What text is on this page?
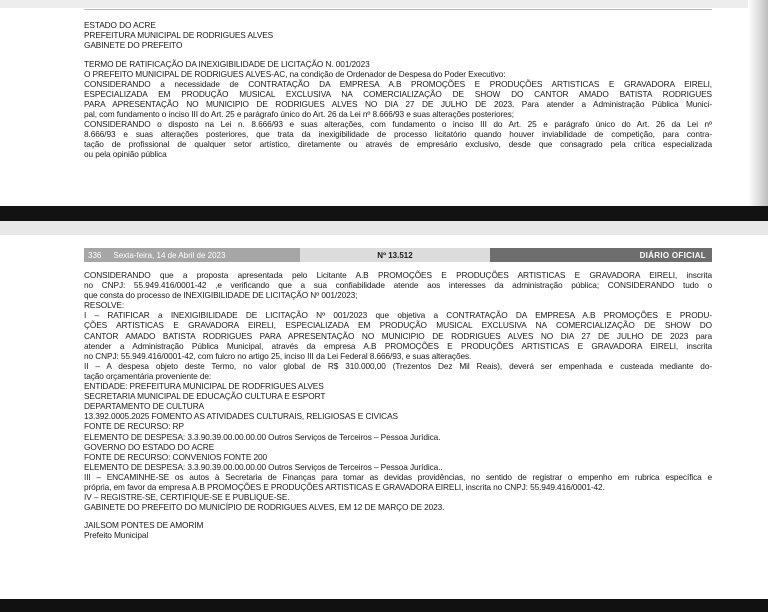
ESTADO DO ACRE
PREFEITURA MUNICIPAL DE RODRIGUES ALVES
GABINETE DO PREFEITO
TERMO DE RATIFICAÇÃO DA INEXIGIBILIDADE DE LICITAÇÃO N. 001/2023
O PREFEITO MUNICIPAL DE RODRIGUES ALVES-AC, na condição de Ordenador de Despesa do Poder Executivo:
CONSIDERANDO a necessidade de CONTRATAÇÃO DA EMPRESA A.B PROMOÇÕES E PRODUÇÕES ARTISTICAS E GRAVADORA EIRELI,
ESPECIALIZADA EM PRODUÇÃO MUSICAL EXCLUSIVA NA COMERCIALIZAÇÃO DE SHOW DO CANTOR AMADO BATISTA RODRIGUES
PARA APRESENTAÇÃO NO MUNICIPIO DE RODRIGUES ALVES NO DIA 27 DE JULHO DE 2023. Para atender a Administração Pública Munici-
pal, com fundamento o inciso III do Art. 25 e parágrafo único do Art. 26 da Lei nº 8.666/93 e suas alterações posteriores;
CONSIDERANDO o disposto na Lei n. 8.666/93 e suas alterações, com fundamento o inciso III do Art. 25 e parágrafo único do Art. 26 da Lei nº
8.666/93 e suas alterações posteriores, que trata da inexigibilidade de processo licitatório quando houver inviabilidade de competição, para contra-
tação de profissional de qualquer setor artístico, diretamente ou através de empresário exclusivo, desde que consagrado pela crítica especializada
ou pela opinião pública
336 Sexta-feira, 14 de Abril de 2023	Nº 13.512	DIÁRIO OFICIAL
CONSIDERANDO que a proposta apresentada pelo Licitante A.B PROMOÇÕES E PRODUÇÕES ARTISTICAS E GRAVADORA EIRELI, inscrita
no CNPJ: 55.949.416/0001-42 ,e verificando que a sua confiabilidade atende aos interesses da administração pública; CONSIDERANDO tudo o
que consta do processo de INEXIGIBILIDADE DE LICITAÇÃO Nº 001/2023;
RESOLVE:
I – RATIFICAR a INEXIGIBILIDADE DE LICITAÇÃO Nº 001/2023 que objetiva a CONTRATAÇÃO DA EMPRESA A.B PROMOÇÕES E PRODU-
ÇÕES ARTISTICAS E GRAVADORA EIRELI, ESPECIALIZADA EM PRODUÇÃO MUSICAL EXCLUSIVA NA COMERCIALIZAÇÃO DE SHOW DO
CANTOR AMADO BATISTA RODRIGUES PARA APRESENTAÇÃO NO MUNICIPIO DE RODRIGUES ALVES NO DIA 27 DE JULHO DE 2023 para
atender a Administração Pública Municipal, através da empresa A.B PROMOÇÕES E PRODUÇÕES ARTISTICAS E GRAVADORA EIRELI, inscrita
no CNPJ: 55.949.416/0001-42, com fulcro no artigo 25, inciso III da Lei Federal 8.666/93, e suas alterações.
II – A despesa objeto deste Termo, no valor global de R$ 310.000,00 (Trezentos Dez Mil Reais), deverá ser empenhada e custeada mediante do-
tação orçamentária proveniente de:
ENTIDADE: PREFEITURA MUNICIPAL DE RODFRIGUES ALVES
SECRETARIA MUNICIPAL DE EDUCAÇÃO CULTURA E ESPORT
DEPARTAMENTO DE CULTURA
13.392.0005.2025 FOMENTO AS ATIVIDADES CULTURAIS, RELIGIOSAS E CIVICAS
FONTE DE RECURSO: RP
ELEMENTO DE DESPESA: 3.3.90.39.00.00.00.00 Outros Serviços de Terceiros – Pessoa Jurídica.
GOVERNO DO ESTADO DO ACRE
FONTE DE RECURSO: CONVENIOS FONTE 200
ELEMENTO DE DESPESA: 3.3.90.39.00.00.00.00 Outros Serviços de Terceiros – Pessoa Jurídica..
III – ENCAMINHE-SE os autos à Secretaria de Finanças para tomar as devidas providências, no sentido de registrar o empenho em rubrica específica e
própria, em favor da empresa A.B PROMOÇÕES E PRODUÇÕES ARTISTICAS E GRAVADORA EIRELI, inscrita no CNPJ: 55.949.416/0001-42.
IV – REGISTRE-SE, CERTIFIQUE-SE E PUBLIQUE-SE.
GABINETE DO PREFEITO DO MUNICÍPIO DE RODRIGUES ALVES, EM 12 DE MARÇO DE 2023.
JAILSOM PONTES DE AMORIM
Prefeito Municipal
